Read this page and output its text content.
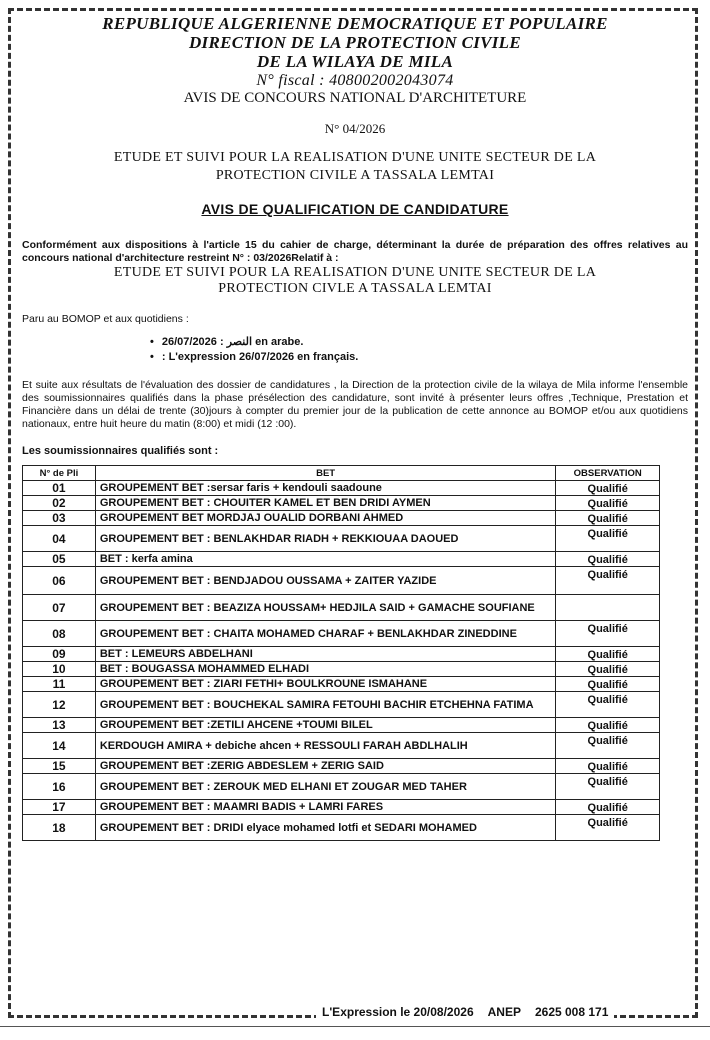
REPUBLIQUE ALGERIENNE DEMOCRATIQUE ET POPULAIRE
DIRECTION DE LA PROTECTION CIVILE
DE LA WILAYA DE MILA
N° fiscal : 408002002043074
AVIS DE CONCOURS NATIONAL D'ARCHITETURE
N° 04/2026
ETUDE ET SUIVI POUR LA REALISATION D'UNE UNITE SECTEUR DE LA
PROTECTION CIVILE A TASSALA LEMTAI
AVIS DE QUALIFICATION DE CANDIDATURE
Conformément aux dispositions à l'article 15 du cahier de charge, déterminant la durée de préparation des offres relatives au concours national d'architecture restreint N° : 03/2026Relatif à :
ETUDE ET SUIVI POUR LA REALISATION D'UNE UNITE SECTEUR DE LA
PROTECTION CIVLE A TASSALA LEMTAI
Paru au BOMOP et aux quotidiens :
• النصر : 26/07/2026 en arabe.
• : L'expression 26/07/2026 en français.
Et suite aux résultats de l'évaluation des dossier de candidatures , la Direction de la protection civile de la wilaya de Mila informe l'ensemble des soumissionnaires qualifiés dans la phase présélection des candidature, sont invité à présenter leurs offres ,Technique, Prestation et Financière dans un délai de trente (30)jours à compter du premier jour de la publication de cette annonce au BOMOP et/ou aux quotidiens nationaux, entre huit heure du matin (8:00) et midi (12 :00).
Les soumissionnaires qualifiés sont :
N° de Pli	BET	OBSERVATION
01	GROUPEMENT BET :sersar faris + kendouli saadoune	Qualifié
02	GROUPEMENT BET : CHOUITER KAMEL ET BEN DRIDI AYMEN	Qualifié
03	GROUPEMENT BET MORDJAJ OUALID DORBANI AHMED	Qualifié
04	GROUPEMENT BET : BENLAKHDAR RIADH + REKKIOUAA DAOUED	Qualifié
05	BET : kerfa amina	Qualifié
06	GROUPEMENT BET : BENDJADOU OUSSAMA + ZAITER YAZIDE	Qualifié
07	GROUPEMENT BET : BEAZIZA HOUSSAM+ HEDJILA SAID + GAMACHE SOUFIANE	
08	GROUPEMENT BET : CHAITA MOHAMED CHARAF + BENLAKHDAR ZINEDDINE	Qualifié
09	BET : LEMEURS ABDELHANI	Qualifié
10	BET : BOUGASSA MOHAMMED ELHADI	Qualifié
11	GROUPEMENT BET : ZIARI FETHI+ BOULKROUNE ISMAHANE	Qualifié
12	GROUPEMENT BET : BOUCHEKAL SAMIRA FETOUHI BACHIR ETCHEHNA FATIMA	Qualifié
13	GROUPEMENT BET :ZETILI AHCENE +TOUMI BILEL	Qualifié
14	KERDOUGH AMIRA + debiche ahcen + RESSOULI FARAH ABDLHALIH	Qualifié
15	GROUPEMENT BET :ZERIG ABDESLEM + ZERIG SAID	Qualifié
16	GROUPEMENT BET : ZEROUK MED ELHANI ET ZOUGAR MED TAHER	Qualifié
17	GROUPEMENT BET : MAAMRI BADIS + LAMRI FARES	Qualifié
18	GROUPEMENT BET : DRIDI elyace mohamed lotfi et SEDARI MOHAMED	Qualifié
L'Expression le 20/08/2026 ANEP 2625 008 171
